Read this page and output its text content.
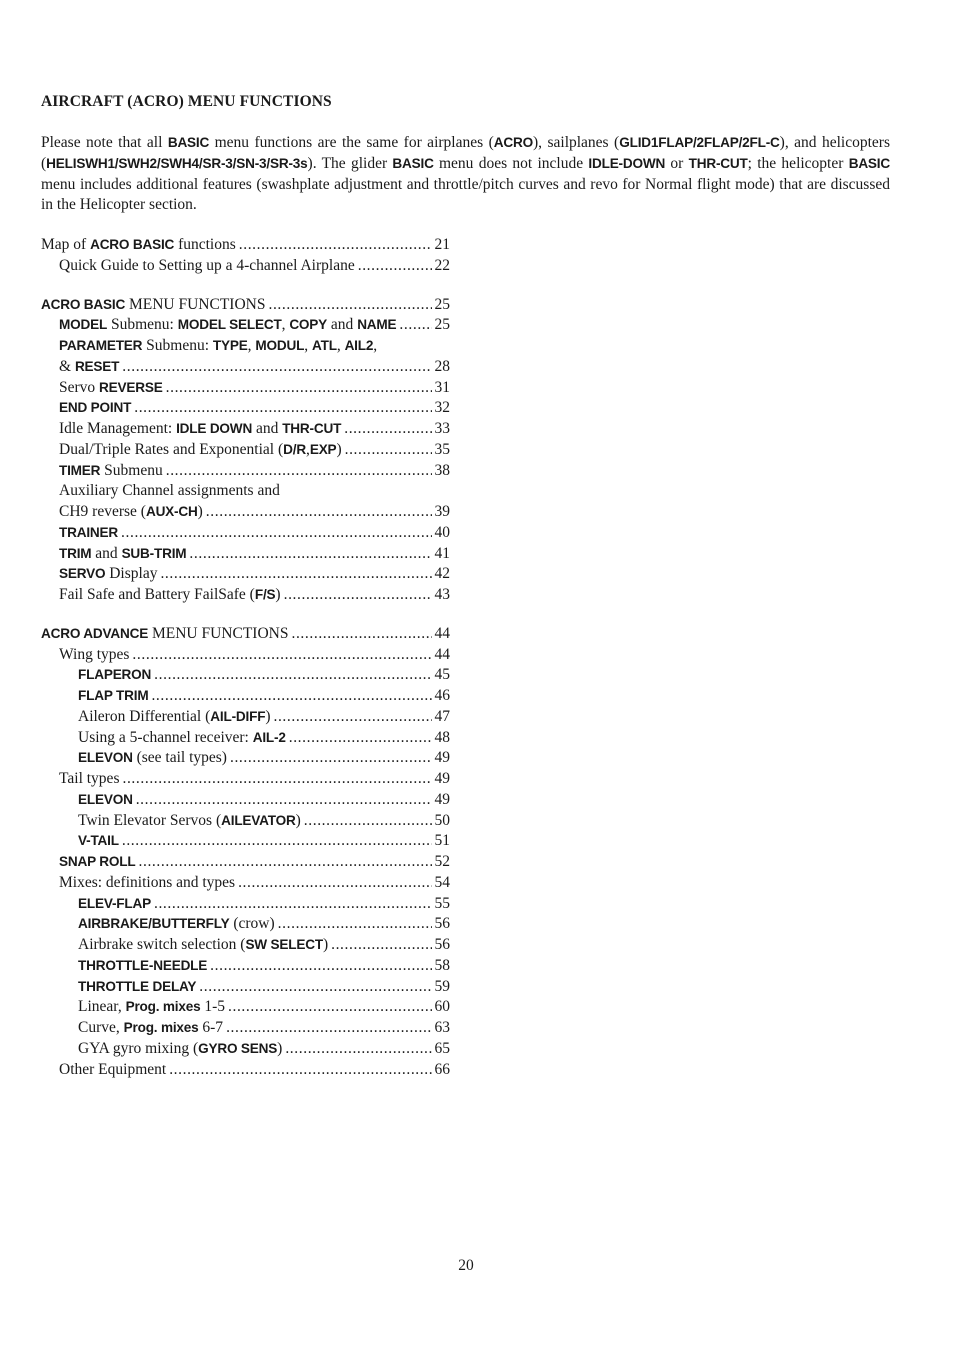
AIRCRAFT (ACRO) MENU FUNCTIONS

Please note that all BASIC menu functions are the same for airplanes (ACRO), sailplanes (GLID1FLAP/2FLAP/2FL-C), and helicopters (HELISWH1/SWH2/SWH4/SR-3/SN-3/SR-3s). The glider BASIC menu does not include IDLE-DOWN or THR-CUT; the helicopter BASIC menu includes additional features (swashplate adjustment and throttle/pitch curves and revo for Normal flight mode) that are discussed in the Helicopter section.

Map of ACRO BASIC functions .....	21
Quick Guide to Setting up a 4-channel Airplane .....	22
ACRO BASIC MENU FUNCTIONS .....	25
MODEL Submenu: MODEL SELECT, COPY and NAME ..... 25
PARAMETER Submenu: TYPE, MODUL, ATL, AIL2,
& RESET .....	28
Servo REVERSE .....	31
END POINT .....	32
Idle Management: IDLE DOWN and THR-CUT .....	33
Dual/Triple Rates and Exponential (D/R,EXP) .....	35
TIMER Submenu .....	38
Auxiliary Channel assignments and
CH9 reverse (AUX-CH) .....	39
TRAINER .....	40
TRIM and SUB-TRIM .....	41
SERVO Display .....	42
Fail Safe and Battery FailSafe (F/S) .....	43
ACRO ADVANCE MENU FUNCTIONS .....	44
Wing types .....	44
FLAPERON .....	45
FLAP TRIM .....	46
Aileron Differential (AIL-DIFF) .....	47
Using a 5-channel receiver: AIL-2 .....	48
ELEVON (see tail types) .....	49
Tail types .....	49
ELEVON .....	49
Twin Elevator Servos (AILEVATOR) .....	50
V-TAIL .....	51
SNAP ROLL .....	52
Mixes: definitions and types .....	54
ELEV-FLAP .....	55
AIRBRAKE/BUTTERFLY (crow) .....	56
Airbrake switch selection (SW SELECT) .....	56
THROTTLE-NEEDLE .....	58
THROTTLE DELAY .....	59
Linear, Prog. mixes 1-5 .....	60
Curve, Prog. mixes 6-7 .....	63
GYA gyro mixing (GYRO SENS) .....	65
Other Equipment .....	66
20
